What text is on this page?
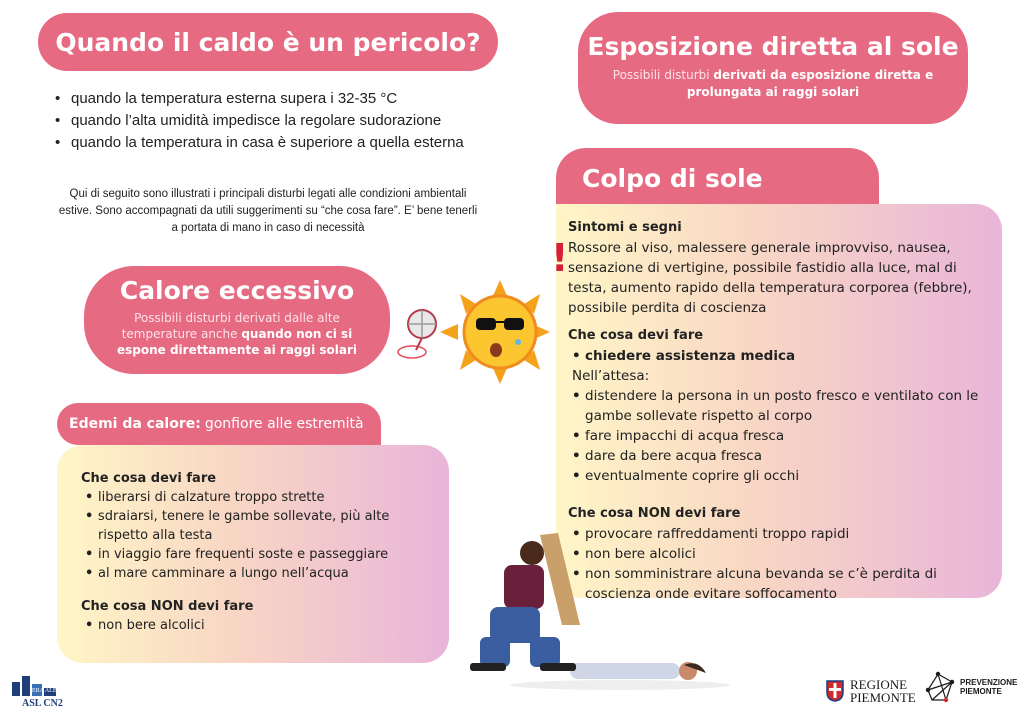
Quando il caldo è un pericolo?
• quando la temperatura esterna supera i 32-35 °C
• quando l’alta umidità impedisce la regolare sudorazione
• quando la temperatura in casa è superiore a quella esterna

Qui di seguito sono illustrati i principali disturbi legati alle condizioni ambientali estive. Sono accompagnati da utili suggerimenti su “che cosa fare”. E’ bene tenerli a portata di mano in caso di necessità

Calore eccessivo

Possibili disturbi derivati dalle alte temperature anche quando non ci si espone direttamente ai raggi solari

Edemi da calore: gonfiore alle estremità
Che cosa devi fare
• liberarsi di calzature troppo strette
• sdraiarsi, tenere le gambe sollevate, più alte rispetto alla testa
• in viaggio fare frequenti soste e passeggiare
• al mare camminare a lungo nell’acqua
Che cosa NON devi fare
• non bere alcolici
Esposizione diretta al sole

Possibili disturbi derivati da esposizione diretta e prolungata ai raggi solari

Colpo di sole
Sintomi e segni
Rossore al viso, malessere generale improvviso, nausea, sensazione di vertigine, possibile fastidio alla luce, mal di testa, aumento rapido della temperatura corporea (febbre), possibile perdita di coscienza
Che cosa devi fare
• chiedere assistenza medica
Nell’attesa:
• distendere la persona in un posto fresco e ventilato con le gambe sollevate rispetto al corpo
• fare impacchi di acqua fresca
• dare da bere acqua fresca
• eventualmente coprire gli occhi
Che cosa NON devi fare
• provocare raffreddamenti troppo rapidi
• non bere alcolici
• non somministrare alcuna bevanda se c’è perdita di coscienza onde evitare soffocamento
!
ERA ALBA
ASL CN2
REGIONE
PIEMONTE
PREVENZIONE
PIEMONTE
